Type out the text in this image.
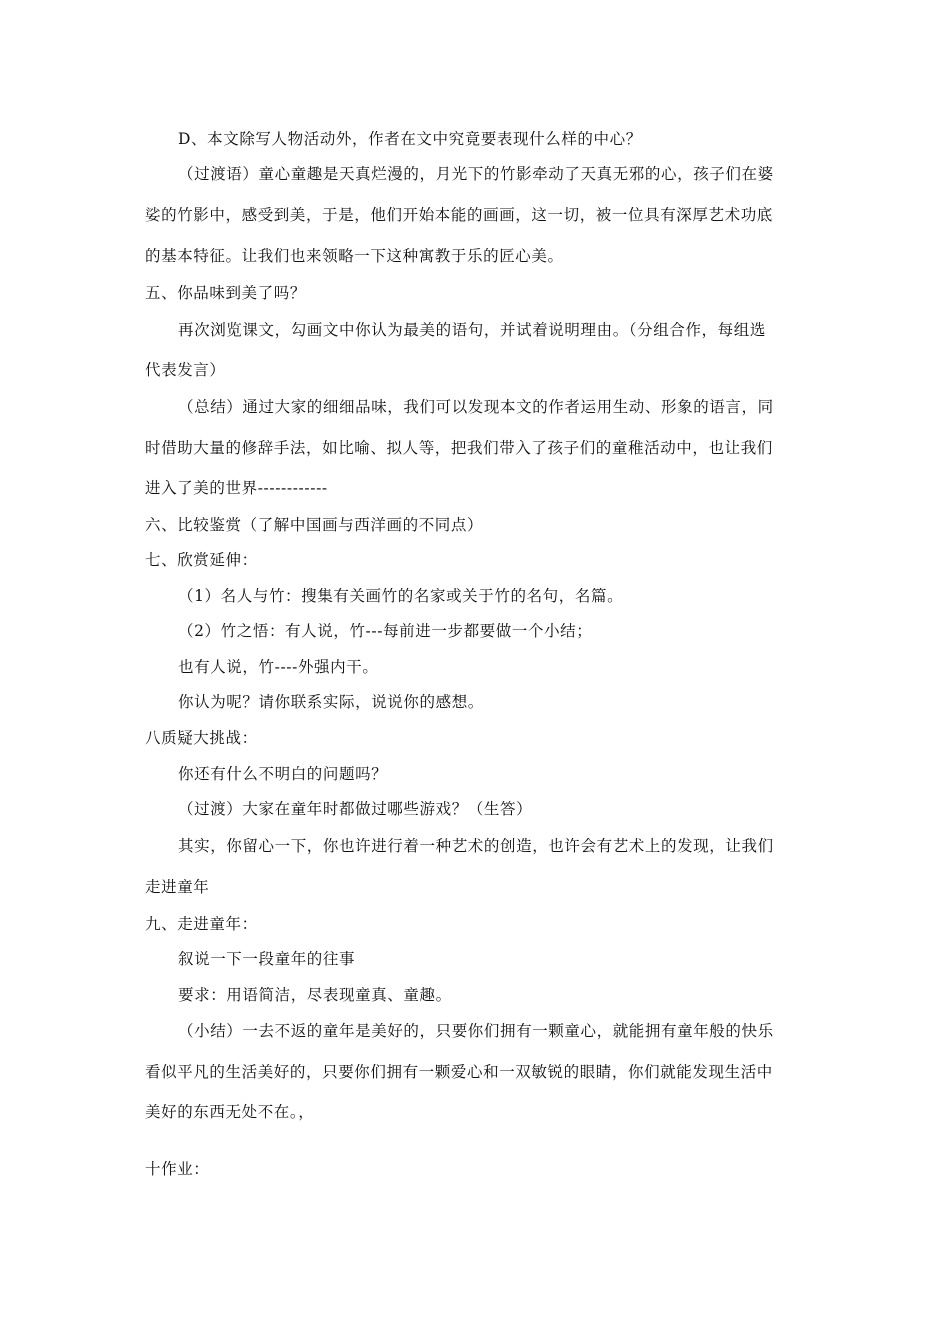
D、本文除写人物活动外，作者在文中究竟要表现什么样的中心？
（过渡语）童心童趣是天真烂漫的，月光下的竹影牵动了天真无邪的心，孩子们在婆
娑的竹影中，感受到美，于是，他们开始本能的画画，这一切，被一位具有深厚艺术功底
的基本特征。让我们也来领略一下这种寓教于乐的匠心美。
五、你品味到美了吗？
再次浏览课文，勾画文中你认为最美的语句，并试着说明理由。（分组合作，每组选
代表发言）
（总结）通过大家的细细品味，我们可以发现本文的作者运用生动、形象的语言，同
时借助大量的修辞手法，如比喻、拟人等，把我们带入了孩子们的童稚活动中，也让我们
进入了美的世界------------
六、比较鉴赏（了解中国画与西洋画的不同点）
七、欣赏延伸：
（1）名人与竹：搜集有关画竹的名家或关于竹的名句，名篇。
（2）竹之悟：有人说，竹---每前进一步都要做一个小结；
也有人说，竹----外强内干。
你认为呢？请你联系实际，说说你的感想。
八质疑大挑战：
你还有什么不明白的问题吗？
（过渡）大家在童年时都做过哪些游戏？（生答）
其实，你留心一下，你也许进行着一种艺术的创造，也许会有艺术上的发现，让我们
走进童年
九、走进童年：
叙说一下一段童年的往事
要求：用语简洁，尽表现童真、童趣。
（小结）一去不返的童年是美好的，只要你们拥有一颗童心，就能拥有童年般的快乐
看似平凡的生活美好的，只要你们拥有一颗爱心和一双敏锐的眼睛，你们就能发现生活中
美好的东西无处不在。，
十作业：
